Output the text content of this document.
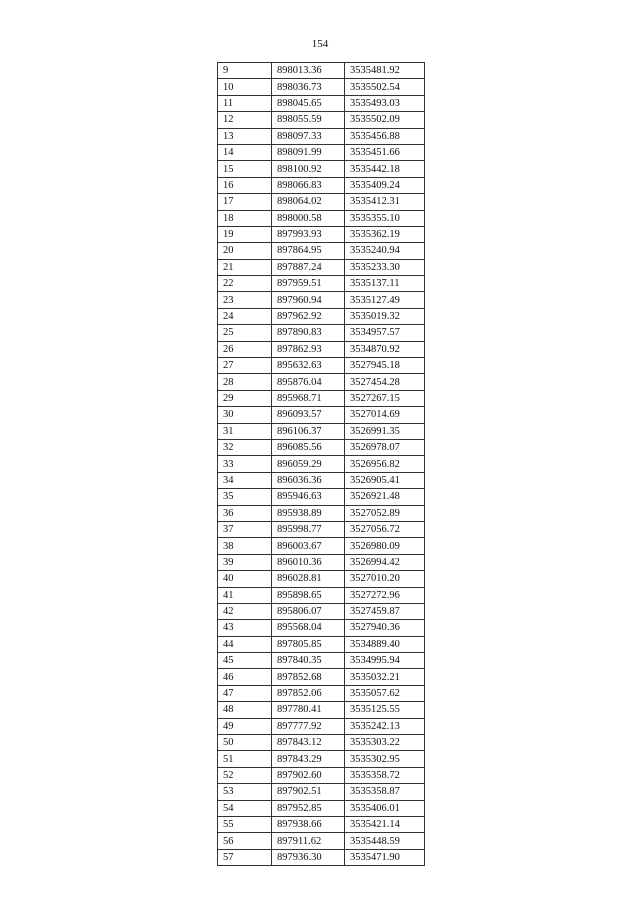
154
9	898013.36	3535481.92
10	898036.73	3535502.54
11	898045.65	3535493.03
12	898055.59	3535502.09
13	898097.33	3535456.88
14	898091.99	3535451.66
15	898100.92	3535442.18
16	898066.83	3535409.24
17	898064.02	3535412.31
18	898000.58	3535355.10
19	897993.93	3535362.19
20	897864.95	3535240.94
21	897887.24	3535233.30
22	897959.51	3535137.11
23	897960.94	3535127.49
24	897962.92	3535019.32
25	897890.83	3534957.57
26	897862.93	3534870.92
27	895632.63	3527945.18
28	895876.04	3527454.28
29	895968.71	3527267.15
30	896093.57	3527014.69
31	896106.37	3526991.35
32	896085.56	3526978.07
33	896059.29	3526956.82
34	896036.36	3526905.41
35	895946.63	3526921.48
36	895938.89	3527052.89
37	895998.77	3527056.72
38	896003.67	3526980.09
39	896010.36	3526994.42
40	896028.81	3527010.20
41	895898.65	3527272.96
42	895806.07	3527459.87
43	895568.04	3527940.36
44	897805.85	3534889.40
45	897840.35	3534995.94
46	897852.68	3535032.21
47	897852.06	3535057.62
48	897780.41	3535125.55
49	897777.92	3535242.13
50	897843.12	3535303.22
51	897843.29	3535302.95
52	897902.60	3535358.72
53	897902.51	3535358.87
54	897952.85	3535406.01
55	897938.66	3535421.14
56	897911.62	3535448.59
57	897936.30	3535471.90
